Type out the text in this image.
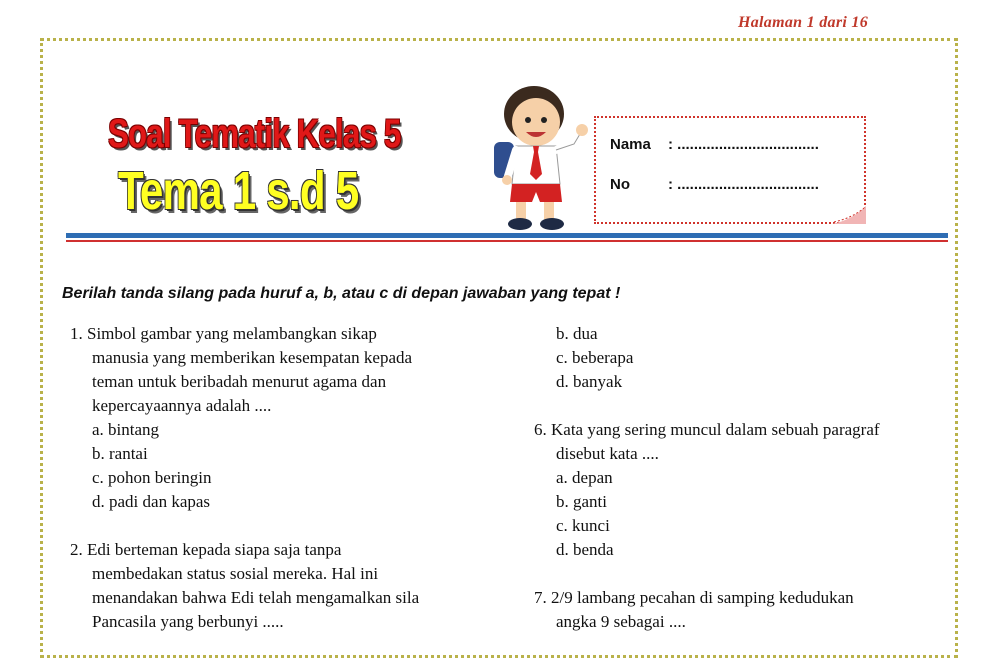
Halaman 1 dari 16
Soal Tematik Kelas 5
Tema 1 s.d 5
Nama : ..................................
No	: ..................................
Berilah tanda silang pada huruf a, b, atau c di depan jawaban yang tepat !
1. Simbol gambar yang melambangkan sikap
manusia yang memberikan kesempatan kepada
teman untuk beribadah menurut agama dan
kepercayaannya adalah ....
a. bintang
b. rantai
c. pohon beringin
d. padi dan kapas
2. Edi berteman kepada siapa saja tanpa
membedakan status sosial mereka. Hal ini
menandakan bahwa Edi telah mengamalkan sila
Pancasila yang berbunyi .....
b. dua
c. beberapa
d. banyak
6. Kata yang sering muncul dalam sebuah paragraf
disebut kata ....
a. depan
b. ganti
c. kunci
d. benda
7. 2/9 lambang pecahan di samping kedudukan
angka 9 sebagai ....
